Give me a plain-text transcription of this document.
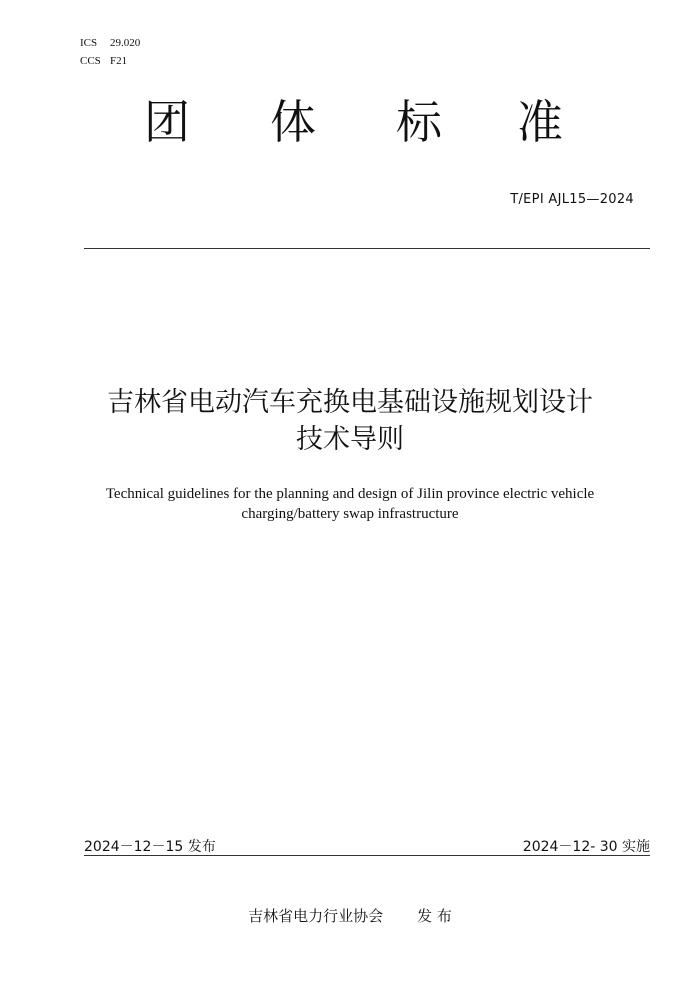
ICS 29.020
CCS F21
团 体 标 准
T/EPI AJL15—2024
吉林省电动汽车充换电基础设施规划设计
技术导则
Technical guidelines for the planning and design of Jilin province electric vehicle
charging/battery swap infrastructure
2024－12－15 发布	2024－12- 30 实施
吉林省电力行业协会 发 布
